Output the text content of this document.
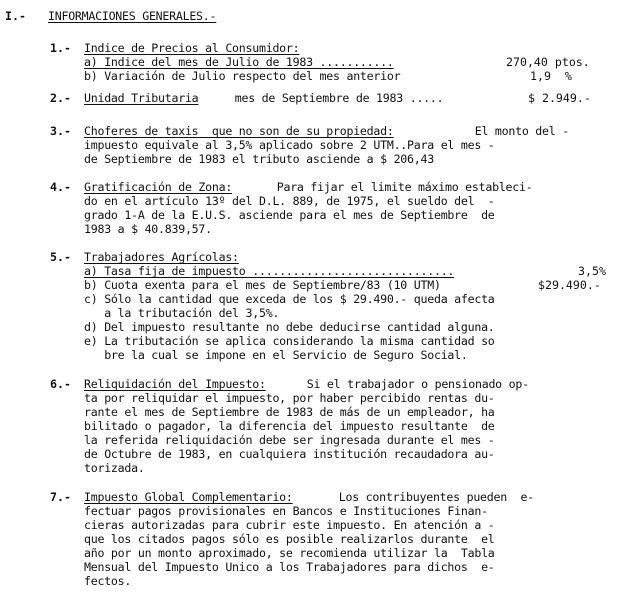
I.- INFORMACIONES GENERALES.-
1.- Indice de Precios al Consumidor:
a) Indice del mes de Julio de 1983 ...........	270,40 ptos.
b) Variación de Julio respecto del mes anterior	1,9  %
2.- Unidad Tributaria	mes de Septiembre de 1983 .....	$ 2.949.-
3.- Choferes de taxis  que no son de su propiedad:	El monto del -
impuesto equivale al 3,5% aplicado sobre 2 UTM..Para el mes -
de Septiembre de 1983 el tributo asciende a $ 206,43
4.- Gratificación de Zona:	Para fijar el limite máximo estableci-
do en el artículo 13º del D.L. 889, de 1975, el sueldo del  -
grado 1-A de la E.U.S. asciende para el mes de Septiembre  de
1983 a $ 40.839,57.
5.- Trabajadores Agrícolas:
a) Tasa fija de impuesto ..............................	3,5%
b) Cuota exenta para el mes de Septiembre/83 (10 UTM)	$29.490.-
c) Sólo la cantidad que exceda de los $ 29.490.- queda afecta
a la tributación del 3,5%.
d) Del impuesto resultante no debe deducirse cantidad alguna.
e) La tributación se aplica considerando la misma cantidad so
bre la cual se impone en el Servicio de Seguro Social.
6.- Reliquidación del Impuesto:	Si el trabajador o pensionado op-
ta por reliquidar el impuesto, por haber percibido rentas du-
rante el mes de Septiembre de 1983 de más de un empleador, ha
bilitado o pagador, la diferencia del impuesto resultante  de
la referida reliquidación debe ser ingresada durante el mes -
de Octubre de 1983, en cualquiera institución recaudadora au-
torizada.
7.- Impuesto Global Complementario:	Los contribuyentes pueden  e-
fectuar pagos provisionales en Bancos e Instituciones Finan-
cieras autorizadas para cubrir este impuesto. En atención a -
que los citados pagos sólo es posible realizarlos durante  el
año por un monto aproximado, se recomienda utilizar la  Tabla
Mensual del Impuesto Unico a los Trabajadores para dichos  e-
fectos.
